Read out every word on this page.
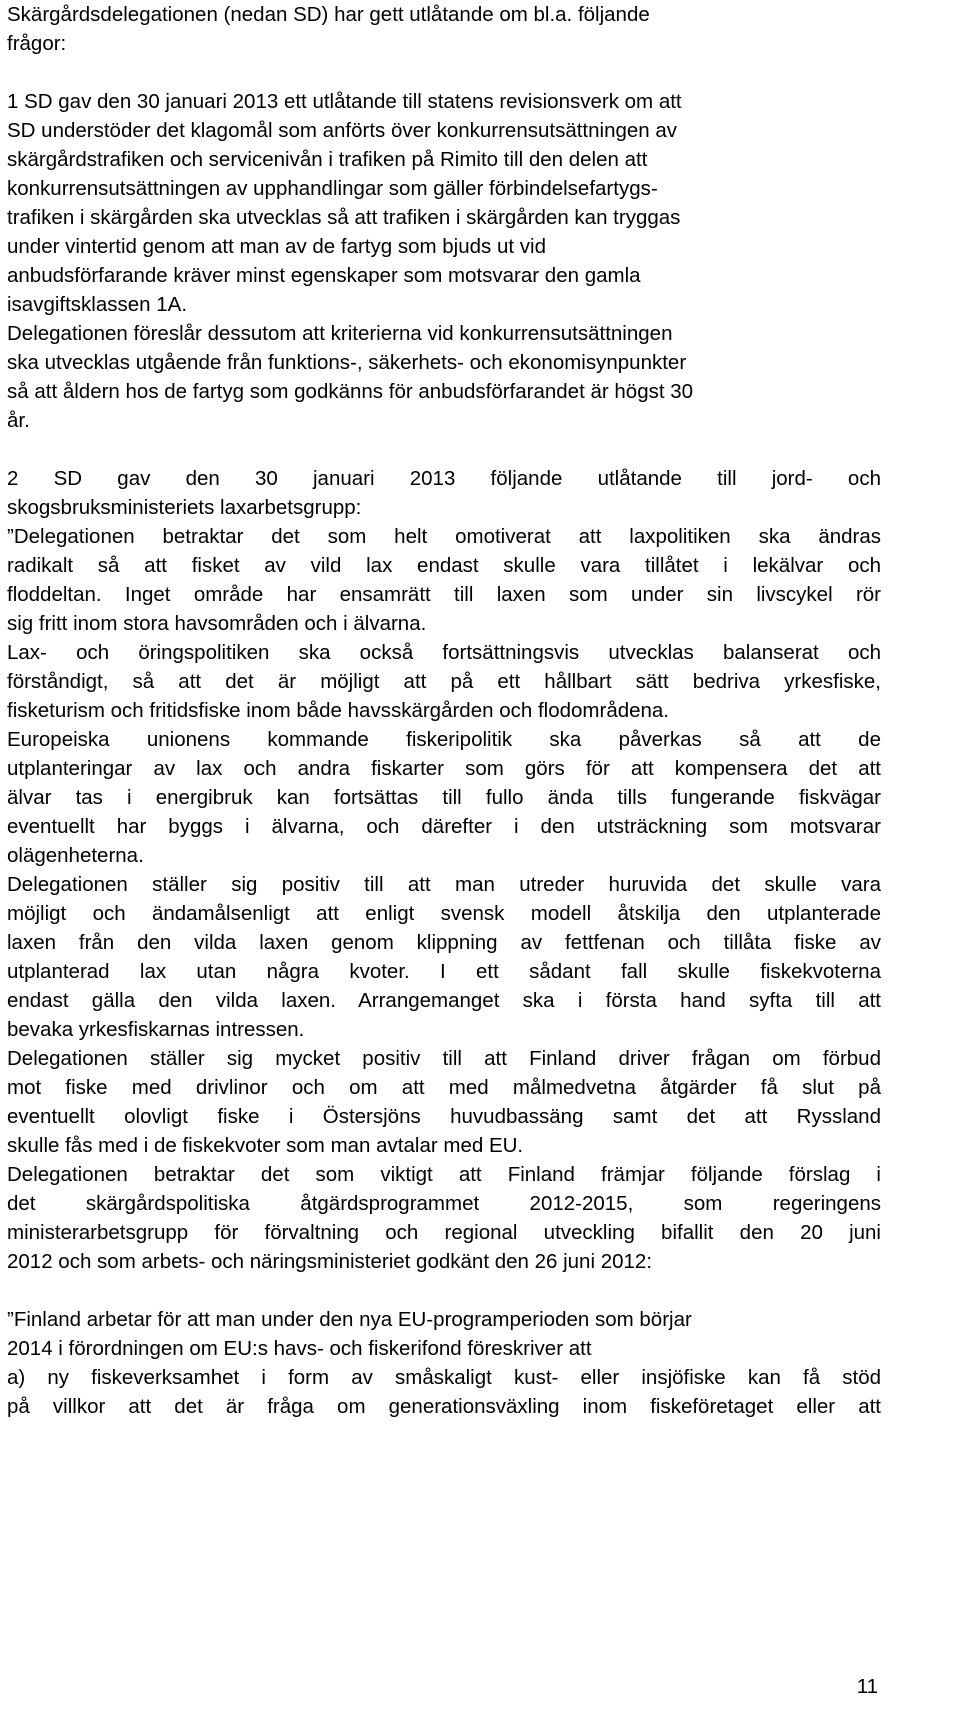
Skärgårdsdelegationen (nedan SD) har gett utlåtande om bl.a. följande
frågor:
1 SD gav den 30 januari 2013 ett utlåtande till statens revisionsverk om att
SD understöder det klagomål som anförts över konkurrensutsättningen av
skärgårdstrafiken och servicenivån i trafiken på Rimito till den delen att
konkurrensutsättningen av upphandlingar som gäller förbindelsefartygs-
trafiken i skärgården ska utvecklas så att trafiken i skärgården kan tryggas
under vintertid genom att man av de fartyg som bjuds ut vid
anbudsförfarande kräver minst egenskaper som motsvarar den gamla
isavgiftsklassen 1A.
Delegationen föreslår dessutom att kriterierna vid konkurrensutsättningen
ska utvecklas utgående från funktions-, säkerhets- och ekonomisynpunkter
så att åldern hos de fartyg som godkänns för anbudsförfarandet är högst 30
år.
2 SD gav den 30 januari 2013 följande utlåtande till jord- och
skogsbruksministeriets laxarbetsgrupp:
”Delegationen betraktar det som helt omotiverat att laxpolitiken ska ändras
radikalt så att fisket av vild lax endast skulle vara tillåtet i lekälvar och
floddeltan. Inget område har ensamrätt till laxen som under sin livscykel rör
sig fritt inom stora havsområden och i älvarna.
Lax- och öringspolitiken ska också fortsättningsvis utvecklas balanserat och
förståndigt, så att det är möjligt att på ett hållbart sätt bedriva yrkesfiske,
fisketurism och fritidsfiske inom både havsskärgården och flodområdena.
Europeiska unionens kommande fiskeripolitik ska påverkas så att de
utplanteringar av lax och andra fiskarter som görs för att kompensera det att
älvar tas i energibruk kan fortsättas till fullo ända tills fungerande fiskvägar
eventuellt har byggs i älvarna, och därefter i den utsträckning som motsvarar
olägenheterna.
Delegationen ställer sig positiv till att man utreder huruvida det skulle vara
möjligt och ändamålsenligt att enligt svensk modell åtskilja den utplanterade
laxen från den vilda laxen genom klippning av fettfenan och tillåta fiske av
utplanterad lax utan några kvoter. I ett sådant fall skulle fiskekvoterna
endast gälla den vilda laxen. Arrangemanget ska i första hand syfta till att
bevaka yrkesfiskarnas intressen.
Delegationen ställer sig mycket positiv till att Finland driver frågan om förbud
mot fiske med drivlinor och om att med målmedvetna åtgärder få slut på
eventuellt olovligt fiske i Östersjöns huvudbassäng samt det att Ryssland
skulle fås med i de fiskekvoter som man avtalar med EU.
Delegationen betraktar det som viktigt att Finland främjar följande förslag i
det skärgårdspolitiska åtgärdsprogrammet 2012-2015, som regeringens
ministerarbetsgrupp för förvaltning och regional utveckling bifallit den 20 juni
2012 och som arbets- och näringsministeriet godkänt den 26 juni 2012:
”Finland arbetar för att man under den nya EU-programperioden som börjar
2014 i förordningen om EU:s havs- och fiskerifond föreskriver att
a) ny fiskeverksamhet i form av småskaligt kust- eller insjöfiske kan få stöd
på villkor att det är fråga om generationsväxling inom fiskeföretaget eller att
11
